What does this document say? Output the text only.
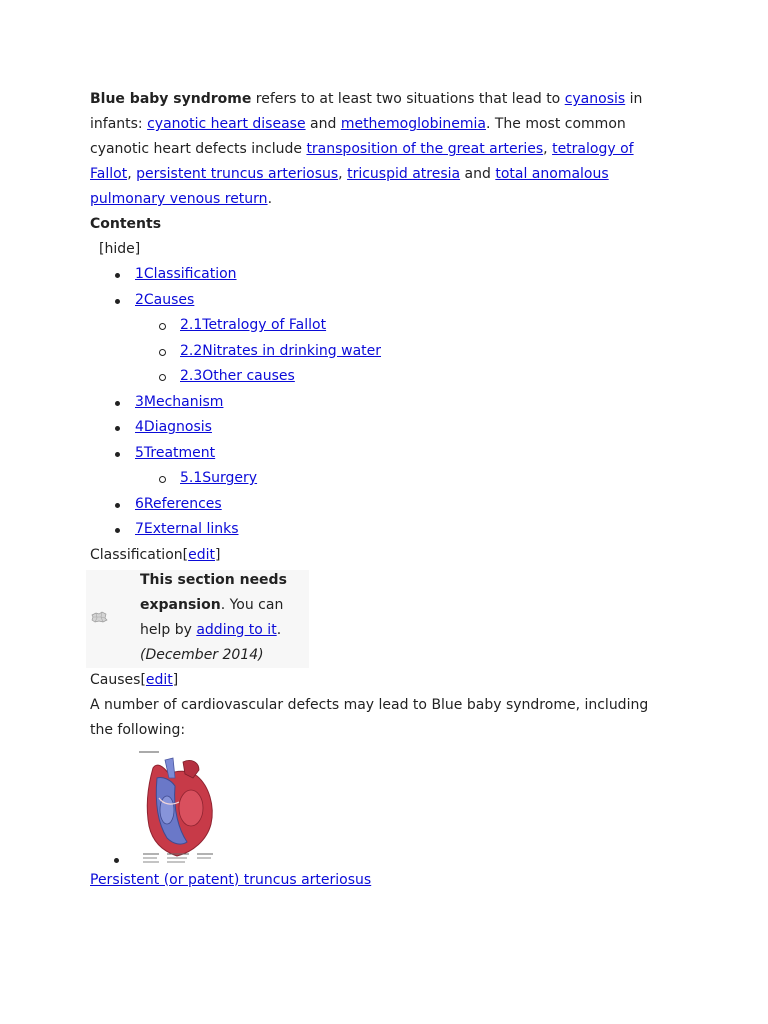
Blue baby syndrome refers to at least two situations that lead to cyanosis in infants: cyanotic heart disease and methemoglobinemia. The most common cyanotic heart defects include transposition of the great arteries, tetralogy of Fallot, persistent truncus arteriosus, tricuspid atresia and total anomalous pulmonary venous return.

Contents

[hide]
1Classification
2Causes
2.1Tetralogy of Fallot
2.2Nitrates in drinking water
2.3Other causes
3Mechanism
4Diagnosis
5Treatment
5.1Surgery
6References
7External links

Classification[edit]

This section needs expansion. You can help by adding to it. (December 2014)

Causes[edit]

A number of cardiovascular defects may lead to Blue baby syndrome, including the following:

Persistent (or patent) truncus arteriosus
